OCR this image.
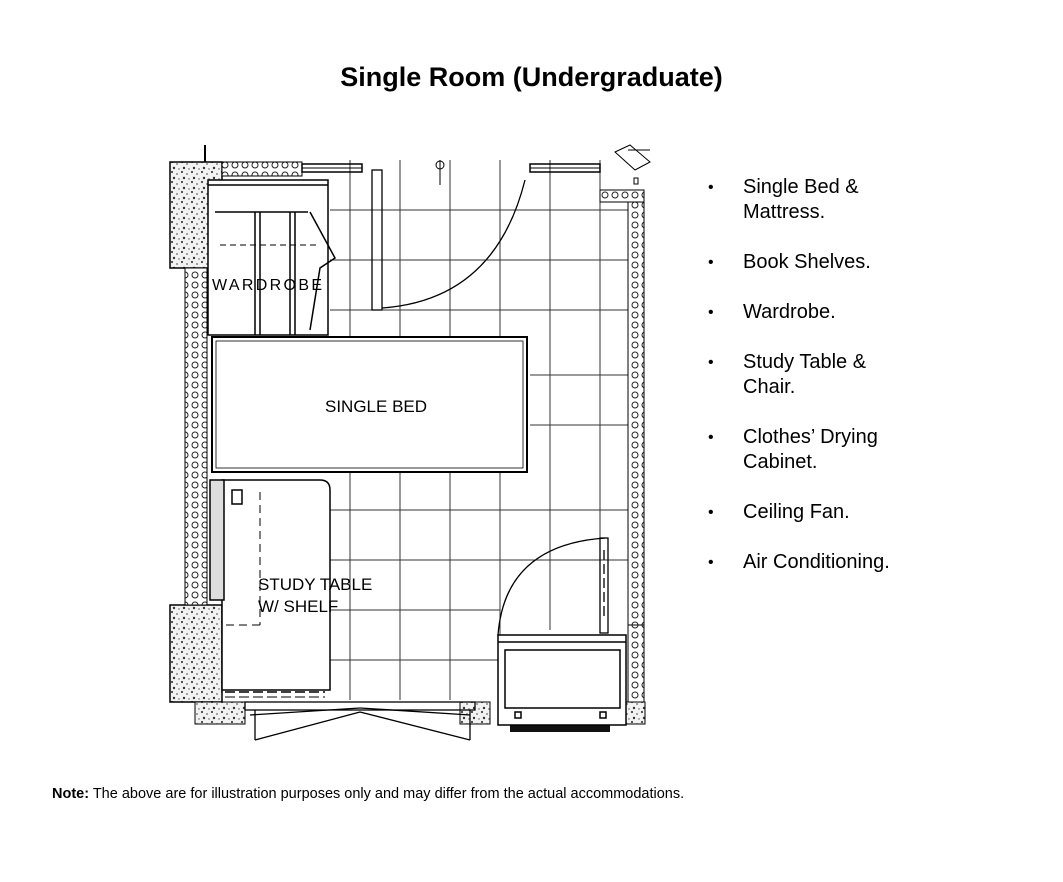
Single Room (Undergraduate)
WARDROBE
SINGLE BED
STUDY TABLE
W/ SHELF
• Single Bed &
Mattress.
• Book Shelves.
• Wardrobe.
• Study Table &
Chair.
• Clothes’ Drying
Cabinet.
• Ceiling Fan.
• Air Conditioning.
Note: The above are for illustration purposes only and may differ from the actual accommodations.
